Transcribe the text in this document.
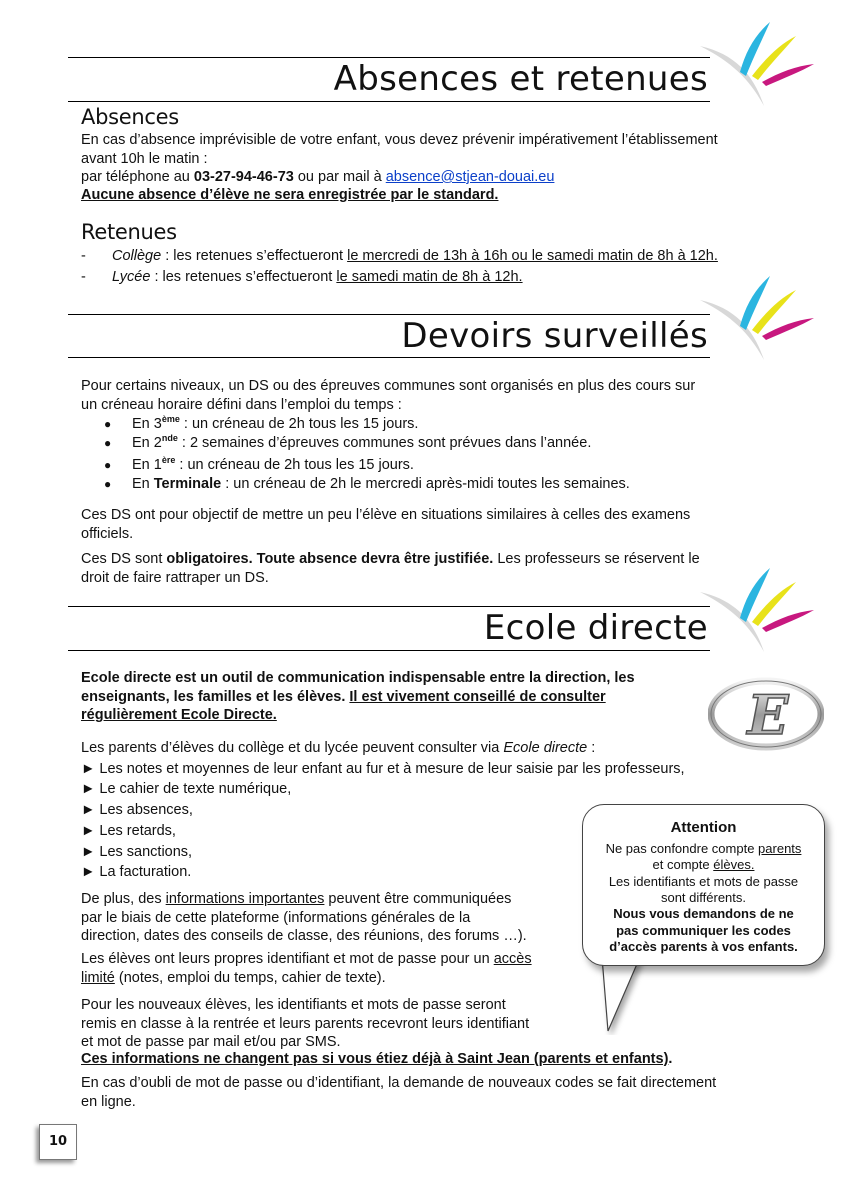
Absences et retenues
Absences
En cas d’absence imprévisible de votre enfant, vous devez prévenir impérativement l’établissement
avant 10h le matin :
par téléphone au 03-27-94-46-73 ou par mail à absence@stjean-douai.eu
Aucune absence d’élève ne sera enregistrée par le standard.
Retenues
- Collège : les retenues s’effectueront le mercredi de 13h à 16h ou le samedi matin de 8h à 12h.
- Lycée : les retenues s’effectueront le samedi matin de 8h à 12h.
Devoirs surveillés
Pour certains niveaux, un DS ou des épreuves communes sont organisés en plus des cours sur
un créneau horaire défini dans l’emploi du temps :
● En 3ème : un créneau de 2h tous les 15 jours.
● En 2nde : 2 semaines d’épreuves communes sont prévues dans l’année.
● En 1ère : un créneau de 2h tous les 15 jours.
● En Terminale : un créneau de 2h le mercredi après-midi toutes les semaines.
Ces DS ont pour objectif de mettre un peu l’élève en situations similaires à celles des examens
officiels.
Ces DS sont obligatoires. Toute absence devra être justifiée. Les professeurs se réservent le
droit de faire rattraper un DS.
Ecole directe
Ecole directe est un outil de communication indispensable entre la direction, les
enseignants, les familles et les élèves. Il est vivement conseillé de consulter
régulièrement Ecole Directe.	E
Les parents d’élèves du collège et du lycée peuvent consulter via Ecole directe :
► Les notes et moyennes de leur enfant au fur et à mesure de leur saisie par les professeurs,
► Le cahier de texte numérique,
► Les absences,
► Les retards,
► Les sanctions,
► La facturation.
De plus, des informations importantes peuvent être communiquées
par le biais de cette plateforme (informations générales de la
direction, dates des conseils de classe, des réunions, des forums …).
Les élèves ont leurs propres identifiant et mot de passe pour un accès
limité (notes, emploi du temps, cahier de texte).
Pour les nouveaux élèves, les identifiants et mots de passe seront
remis en classe à la rentrée et leurs parents recevront leurs identifiant
et mot de passe par mail et/ou par SMS.
Ces informations ne changent pas si vous étiez déjà à Saint Jean (parents et enfants).
En cas d’oubli de mot de passe ou d’identifiant, la demande de nouveaux codes se fait directement
en ligne.
Attention
Ne pas confondre compte parents
et compte élèves.
Les identifiants et mots de passe
sont différents.
Nous vous demandons de ne
pas communiquer les codes
d’accès parents à vos enfants.
10
